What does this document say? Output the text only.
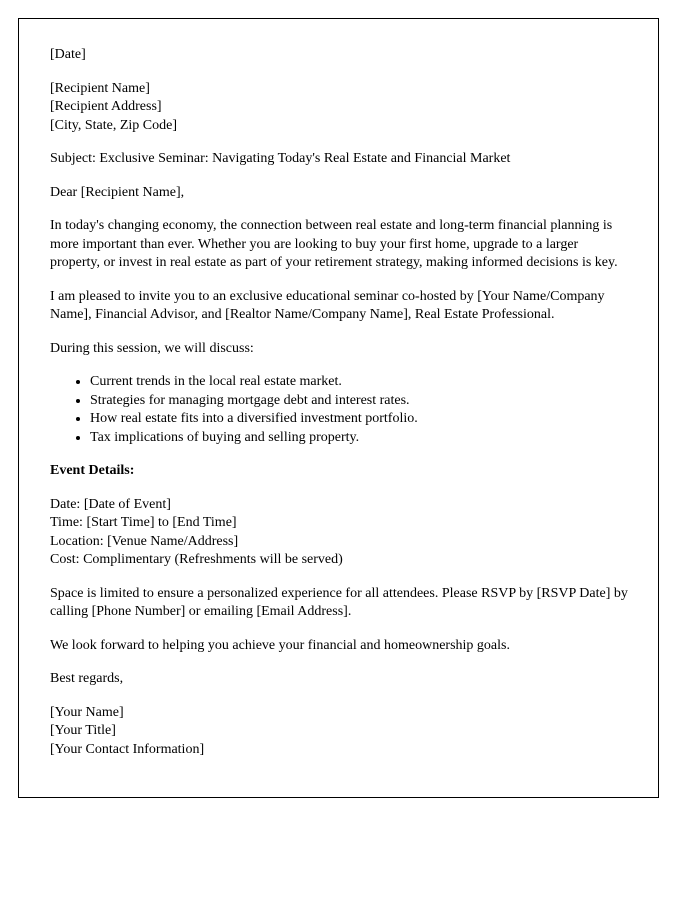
[Date]

[Recipient Name]
[Recipient Address]
[City, State, Zip Code]

Subject: Exclusive Seminar: Navigating Today's Real Estate and Financial Market

Dear [Recipient Name],

In today's changing economy, the connection between real estate and long-term financial planning is more important than ever. Whether you are looking to buy your first home, upgrade to a larger property, or invest in real estate as part of your retirement strategy, making informed decisions is key.

I am pleased to invite you to an exclusive educational seminar co-hosted by [Your Name/Company Name], Financial Advisor, and [Realtor Name/Company Name], Real Estate Professional.

During this session, we will discuss:

• Current trends in the local real estate market.
• Strategies for managing mortgage debt and interest rates.
• How real estate fits into a diversified investment portfolio.
• Tax implications of buying and selling property.

Event Details:

Date: [Date of Event]
Time: [Start Time] to [End Time]
Location: [Venue Name/Address]
Cost: Complimentary (Refreshments will be served)

Space is limited to ensure a personalized experience for all attendees. Please RSVP by [RSVP Date] by calling [Phone Number] or emailing [Email Address].

We look forward to helping you achieve your financial and homeownership goals.

Best regards,

[Your Name]
[Your Title]
[Your Contact Information]
